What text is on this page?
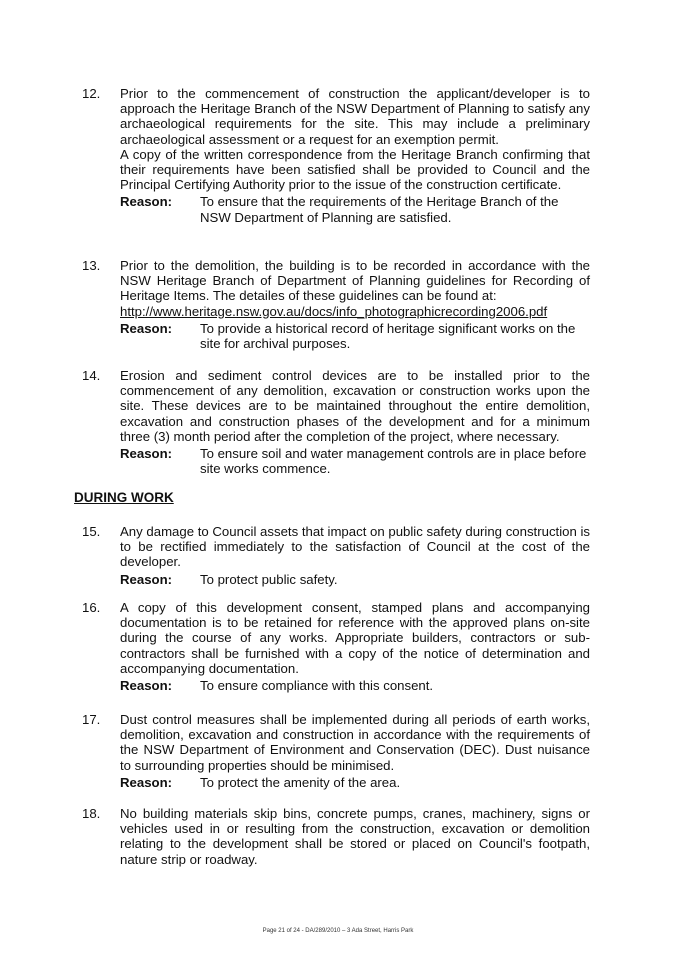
12. Prior to the commencement of construction the applicant/developer is to approach the Heritage Branch of the NSW Department of Planning to satisfy any archaeological requirements for the site. This may include a preliminary archaeological assessment or a request for an exemption permit.

A copy of the written correspondence from the Heritage Branch confirming that their requirements have been satisfied shall be provided to Council and the Principal Certifying Authority prior to the issue of the construction certificate.

Reason:	To ensure that the requirements of the Heritage Branch of the NSW Department of Planning are satisfied.
13. Prior to the demolition, the building is to be recorded in accordance with the NSW Heritage Branch of Department of Planning guidelines for Recording of Heritage Items. The detailes of these guidelines can be found at:

http://www.heritage.nsw.gov.au/docs/info_photographicrecording2006.pdf

Reason:	To provide a historical record of heritage significant works on the site for archival purposes.
14. Erosion and sediment control devices are to be installed prior to the commencement of any demolition, excavation or construction works upon the site. These devices are to be maintained throughout the entire demolition, excavation and construction phases of the development and for a minimum three (3) month period after the completion of the project, where necessary.

Reason:	To ensure soil and water management controls are in place before site works commence.
DURING WORK
15. Any damage to Council assets that impact on public safety during construction is to be rectified immediately to the satisfaction of Council at the cost of the developer.

Reason:	To protect public safety.
16. A copy of this development consent, stamped plans and accompanying documentation is to be retained for reference with the approved plans on-site during the course of any works. Appropriate builders, contractors or sub-contractors shall be furnished with a copy of the notice of determination and accompanying documentation.

Reason:	To ensure compliance with this consent.
17. Dust control measures shall be implemented during all periods of earth works, demolition, excavation and construction in accordance with the requirements of the NSW Department of Environment and Conservation (DEC). Dust nuisance to surrounding properties should be minimised.

Reason:	To protect the amenity of the area.
18. No building materials skip bins, concrete pumps, cranes, machinery, signs or vehicles used in or resulting from the construction, excavation or demolition relating to the development shall be stored or placed on Council's footpath, nature strip or roadway.

Page 21 of 24 - DA/289/2010 – 3 Ada Street, Harris Park
